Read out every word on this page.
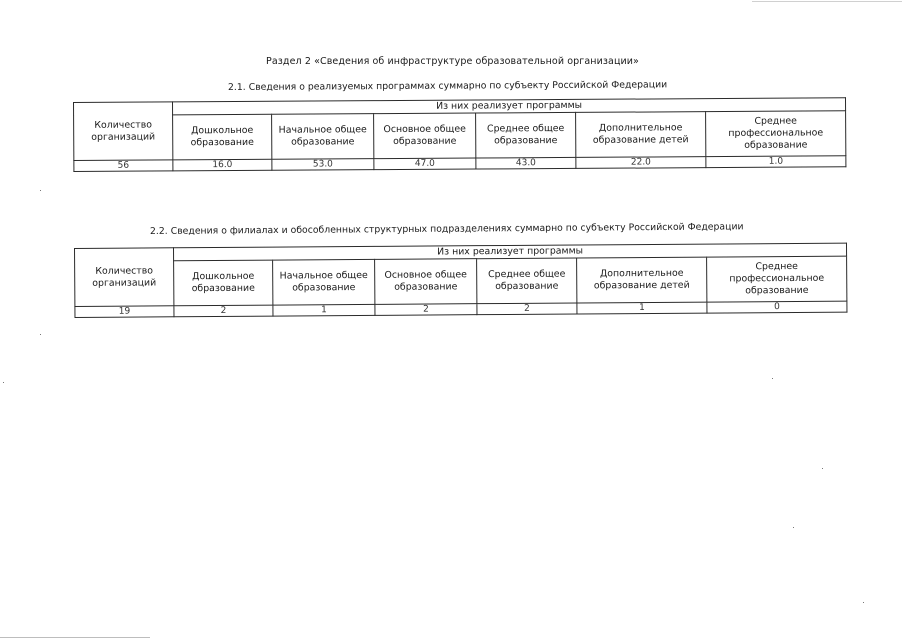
Раздел 2 «Сведения об инфраструктуре образовательной организации»
2.1. Сведения о реализуемых программах суммарно по субъекту Российской Федерации
Количество организаций	Из них реализует программы					
	Дошкольное образование	Начальное общее образование	Основное общее образование	Среднее общее образование	Дополнительное образование детей	Среднее профессиональное образование
56	16.0	53.0	47.0	43.0	22.0	1.0
2.2. Сведения о филиалах и обособленных структурных подразделениях суммарно по субъекту Российской Федерации
Количество организаций	Из них реализует программы					
	Дошкольное образование	Начальное общее образование	Основное общее образование	Среднее общее образование	Дополнительное образование детей	Среднее профессиональное образование
19	2	1	2	2	1	0
